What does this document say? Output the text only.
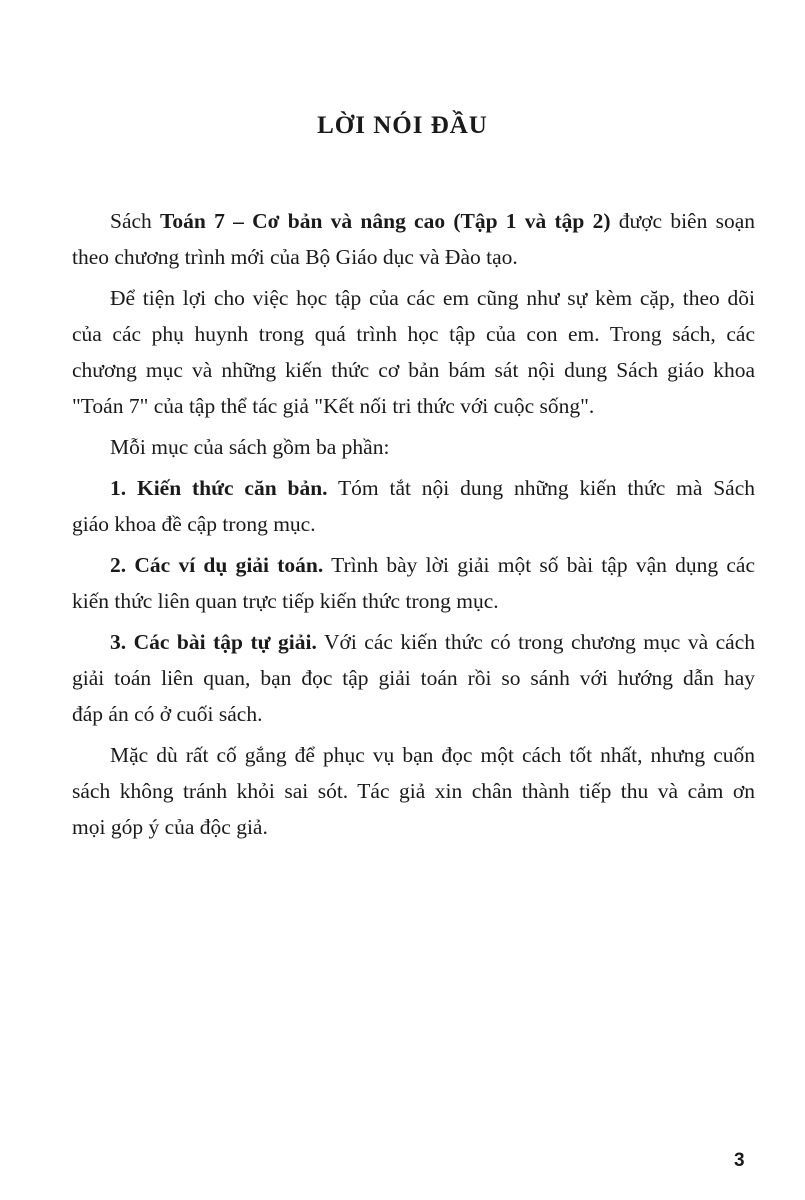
LỜI NÓI ĐẦU
Sách Toán 7 – Cơ bản và nâng cao (Tập 1 và tập 2) được biên soạn
theo chương trình mới của Bộ Giáo dục và Đào tạo.
Để tiện lợi cho việc học tập của các em cũng như sự kèm cặp, theo dõi
của các phụ huynh trong quá trình học tập của con em. Trong sách, các
chương mục và những kiến thức cơ bản bám sát nội dung Sách giáo khoa
"Toán 7" của tập thể tác giả "Kết nối tri thức với cuộc sống".
Mỗi mục của sách gồm ba phần:
1. Kiến thức căn bản. Tóm tắt nội dung những kiến thức mà Sách
giáo khoa đề cập trong mục.
2. Các ví dụ giải toán. Trình bày lời giải một số bài tập vận dụng các
kiến thức liên quan trực tiếp kiến thức trong mục.
3. Các bài tập tự giải. Với các kiến thức có trong chương mục và cách
giải toán liên quan, bạn đọc tập giải toán rồi so sánh với hướng dẫn hay
đáp án có ở cuối sách.
Mặc dù rất cố gắng để phục vụ bạn đọc một cách tốt nhất, nhưng cuốn
sách không tránh khỏi sai sót. Tác giả xin chân thành tiếp thu và cảm ơn
mọi góp ý của độc giả.
3
